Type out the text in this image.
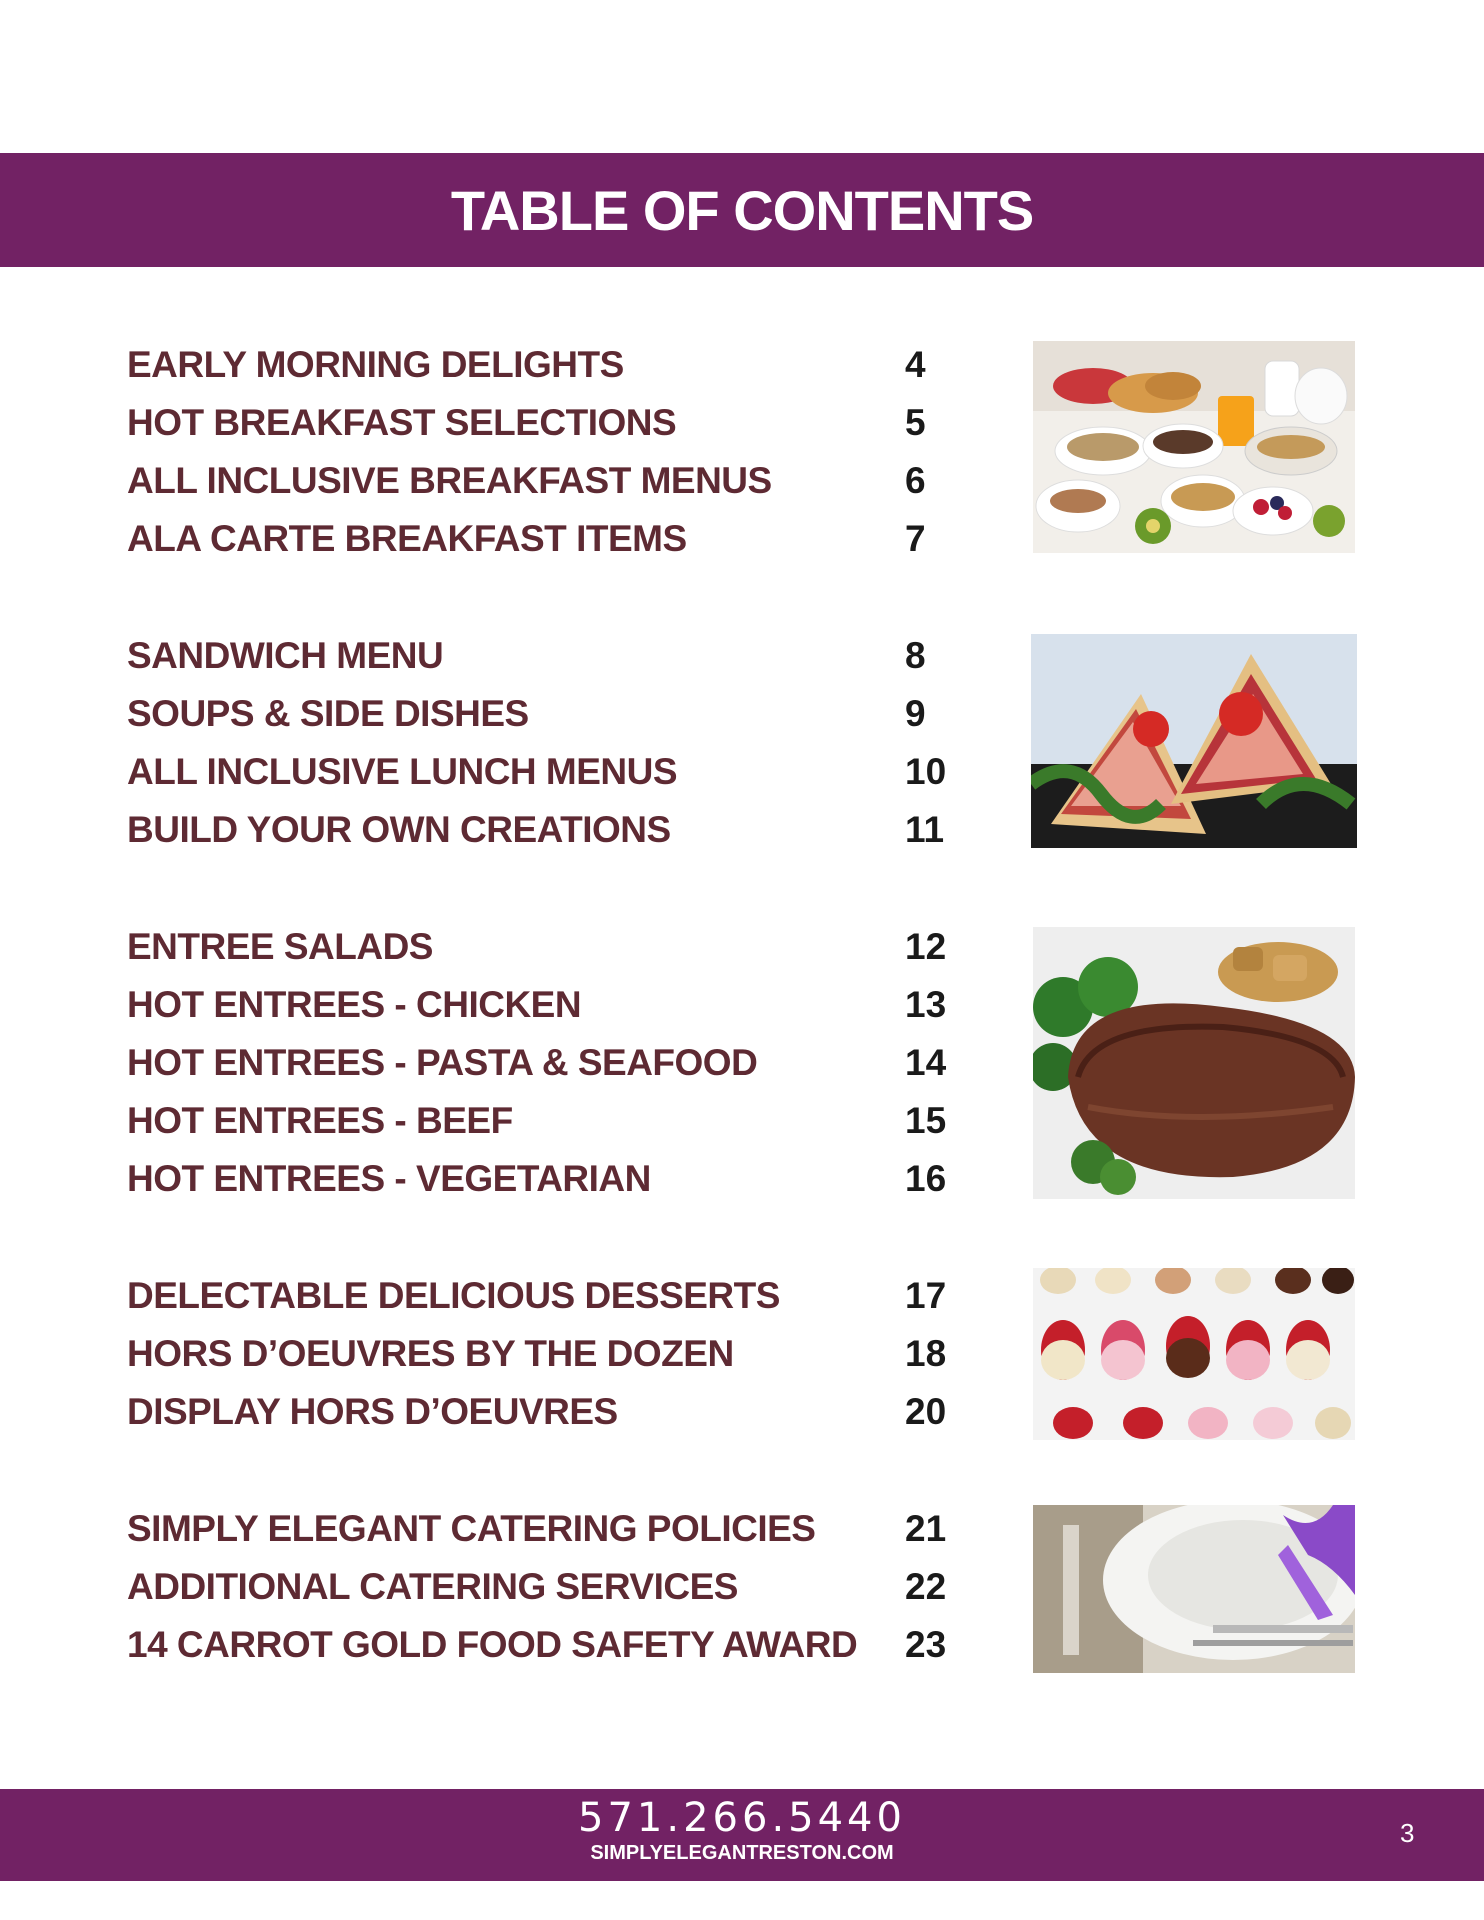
TABLE OF CONTENTS
EARLY MORNING DELIGHTS	4
HOT BREAKFAST SELECTIONS	5
ALL INCLUSIVE BREAKFAST MENUS	6
ALA CARTE BREAKFAST ITEMS	7
SANDWICH MENU	8
SOUPS & SIDE DISHES	9
ALL INCLUSIVE LUNCH MENUS	10
BUILD YOUR OWN CREATIONS	11
ENTREE SALADS	12
HOT ENTREES - CHICKEN	13
HOT ENTREES - PASTA & SEAFOOD	14
HOT ENTREES - BEEF	15
HOT ENTREES - VEGETARIAN	16
DELECTABLE DELICIOUS DESSERTS	17
HORS D’OEUVRES BY THE DOZEN	18
DISPLAY HORS D’OEUVRES	20
SIMPLY ELEGANT CATERING POLICIES 21
ADDITIONAL CATERING SERVICES	22
14 CARROT GOLD FOOD SAFETY AWARD 23
571.266.5440
SIMPLYELEGANTRESTON.COM
3
